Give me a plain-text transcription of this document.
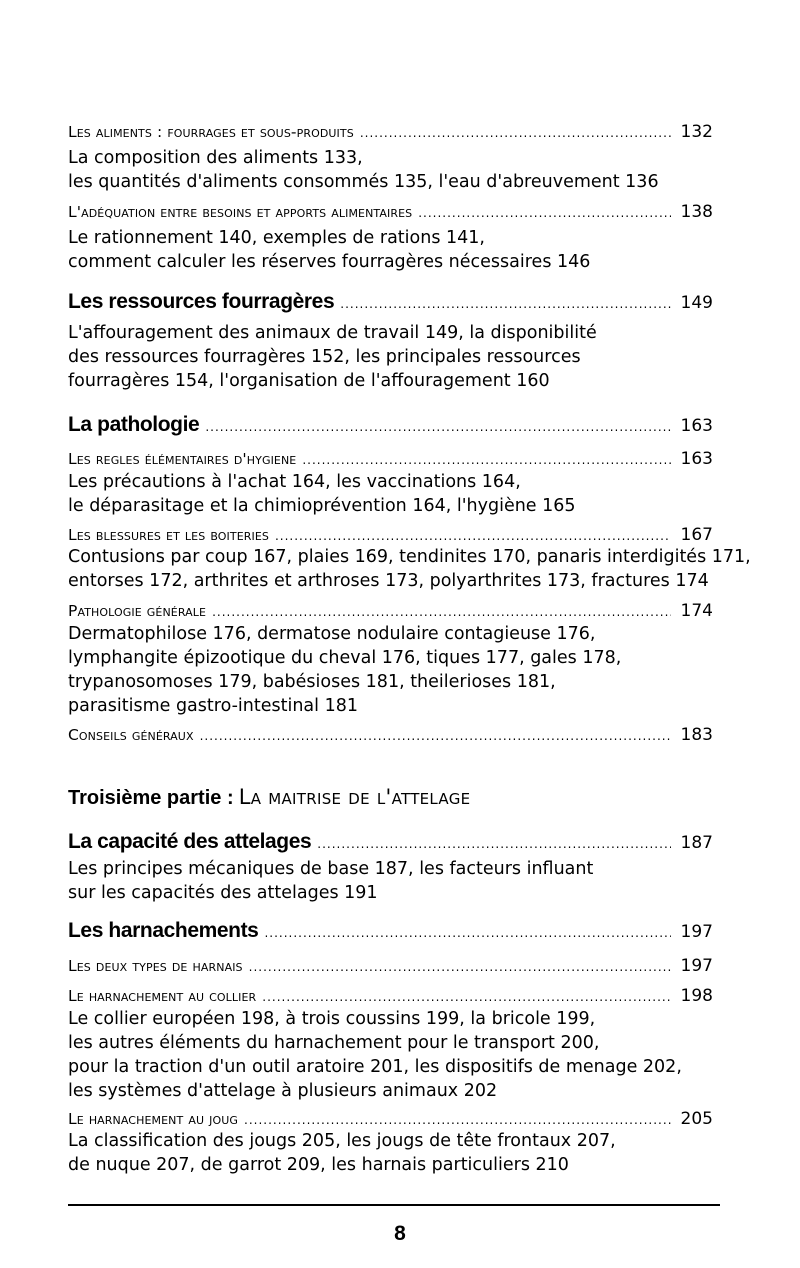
Les aliments : fourrages et sous-produits .....	132
La composition des aliments 133,
les quantités d'aliments consommés 135, l'eau d'abreuvement 136
L'adéquation entre besoins et apports alimentaires .....	138
Le rationnement 140, exemples de rations 141,
comment calculer les réserves fourragères nécessaires 146
Les ressources fourragères .....	149
L'affouragement des animaux de travail 149, la disponibilité
des ressources fourragères 152, les principales ressources
fourragères 154, l'organisation de l'affouragement 160
La pathologie .....	163
Les regles élémentaires d'hygiene .....	163
Les précautions à l'achat 164, les vaccinations 164,
le déparasitage et la chimioprévention 164, l'hygiène 165
Les blessures et les boiteries .....	167
Contusions par coup 167, plaies 169, tendinites 170, panaris interdigités 171,
entorses 172, arthrites et arthroses 173, polyarthrites 173, fractures 174
Pathologie générale .....	174
Dermatophilose 176, dermatose nodulaire contagieuse 176,
lymphangite épizootique du cheval 176, tiques 177, gales 178,
trypanosomoses 179, babésioses 181, theilerioses 181,
parasitisme gastro-intestinal 181
Conseils généraux .....	183
Troisième partie : La maitrise de l'attelage
La capacité des attelages .....	187
Les principes mécaniques de base 187, les facteurs influant
sur les capacités des attelages 191
Les harnachements .....	197
Les deux types de harnais .....	197
Le harnachement au collier .....	198
Le collier européen 198, à trois coussins 199, la bricole 199,
les autres éléments du harnachement pour le transport 200,
pour la traction d'un outil aratoire 201, les dispositifs de menage 202,
les systèmes d'attelage à plusieurs animaux 202
Le harnachement au joug .....	205
La classification des jougs 205, les jougs de tête frontaux 207,
de nuque 207, de garrot 209, les harnais particuliers 210
8
